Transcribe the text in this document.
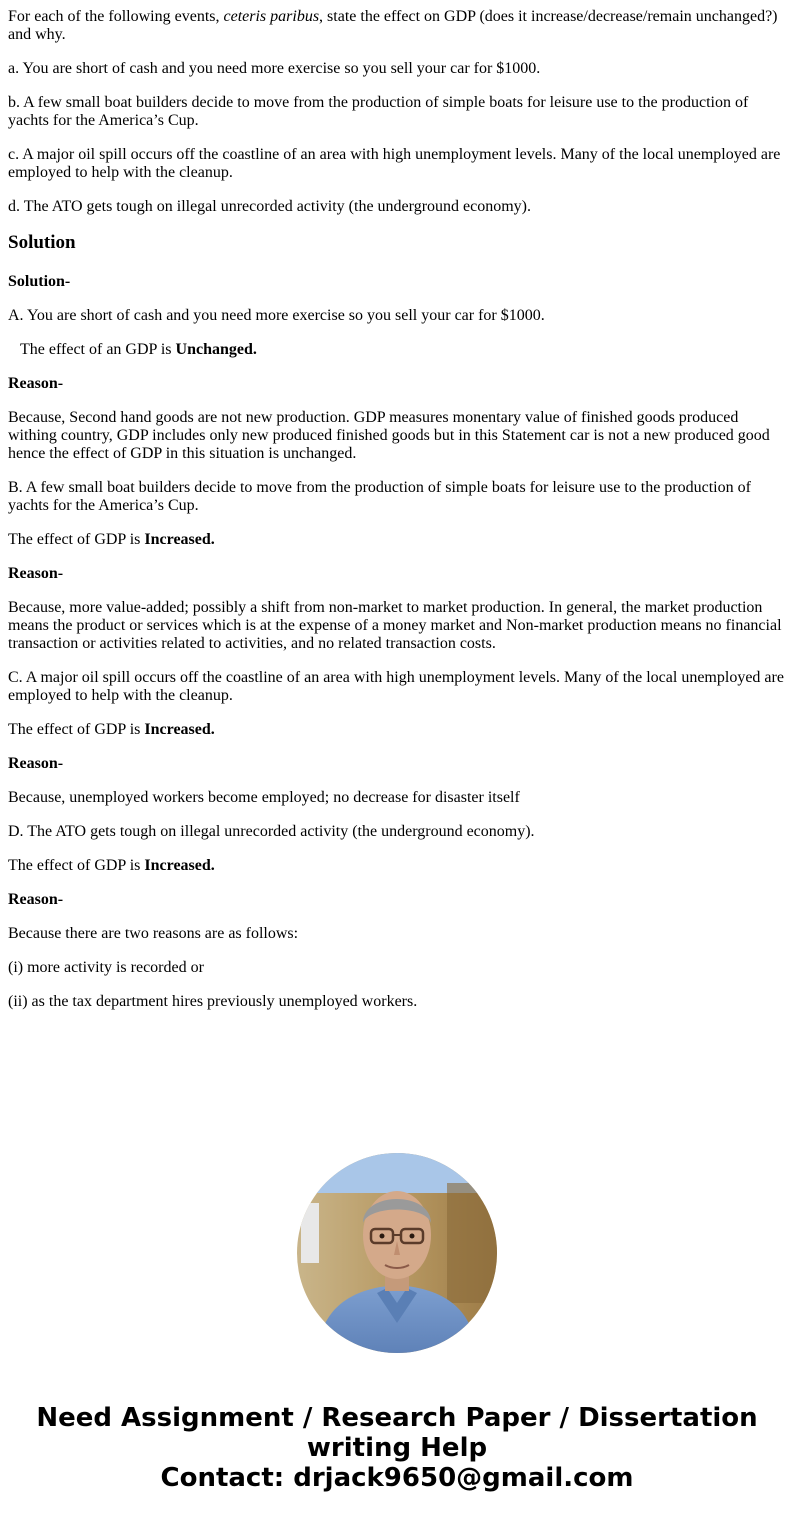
For each of the following events, ceteris paribus, state the effect on GDP (does it increase/decrease/remain unchanged?) and why.

a. You are short of cash and you need more exercise so you sell your car for $1000.

b. A few small boat builders decide to move from the production of simple boats for leisure use to the production of yachts for the America’s Cup.

c. A major oil spill occurs off the coastline of an area with high unemployment levels. Many of the local unemployed are employed to help with the cleanup.

d. The ATO gets tough on illegal unrecorded activity (the underground economy).

Solution

Solution-

A. You are short of cash and you need more exercise so you sell your car for $1000.

The effect of an GDP is Unchanged.

Reason-

Because, Second hand goods are not new production. GDP measures monentary value of finished goods produced withing country, GDP includes only new produced finished goods but in this Statement car is not a new produced good hence the effect of GDP in this situation is unchanged.

B. A few small boat builders decide to move from the production of simple boats for leisure use to the production of yachts for the America’s Cup.

The effect of GDP is Increased.

Reason-

Because, more value-added; possibly a shift from non-market to market production. In general, the market production means the product or services which is at the expense of a money market and Non-market production means no financial transaction or activities related to activities, and no related transaction costs.

C. A major oil spill occurs off the coastline of an area with high unemployment levels. Many of the local unemployed are employed to help with the cleanup.

The effect of GDP is Increased.

Reason-

Because, unemployed workers become employed; no decrease for disaster itself

D. The ATO gets tough on illegal unrecorded activity (the underground economy).

The effect of GDP is Increased.

Reason-

Because there are two reasons are as follows:

(i) more activity is recorded or

(ii) as the tax department hires previously unemployed workers.

Need Assignment / Research Paper / Dissertation
writing Help
Contact: drjack9650@gmail.com
